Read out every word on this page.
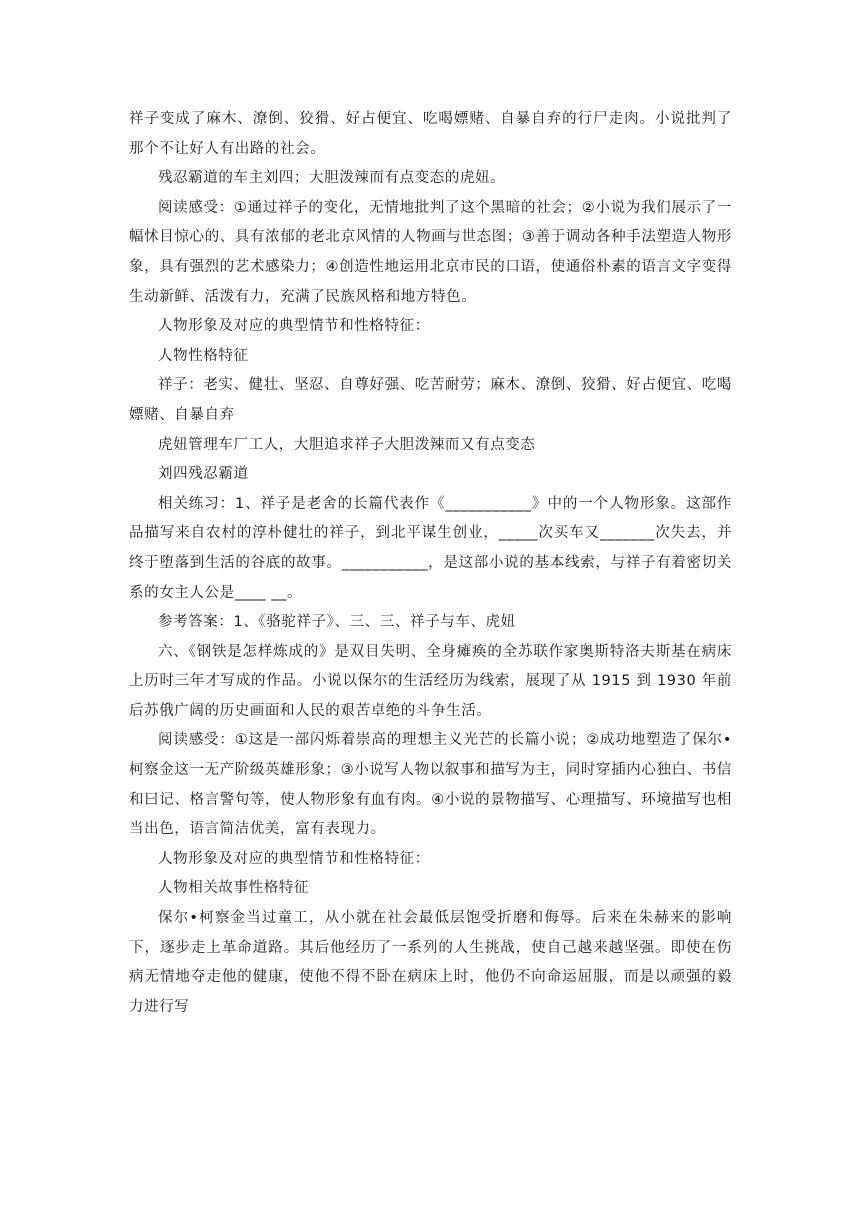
祥子变成了麻木、潦倒、狡猾、好占便宜、吃喝嫖赌、自暴自弃的行尸走肉。小说批判了那个不让好人有出路的社会。

残忍霸道的车主刘四；大胆泼辣而有点变态的虎妞。

阅读感受：①通过祥子的变化，无情地批判了这个黑暗的社会；②小说为我们展示了一幅怵目惊心的、具有浓郁的老北京风情的人物画与世态图；③善于调动各种手法塑造人物形象，具有强烈的艺术感染力；④创造性地运用北京市民的口语，使通俗朴素的语言文字变得生动新鲜、活泼有力，充满了民族风格和地方特色。

人物形象及对应的典型情节和性格特征：

人物性格特征

祥子：老实、健壮、坚忍、自尊好强、吃苦耐劳；麻木、潦倒、狡猾、好占便宜、吃喝嫖赌、自暴自弃

虎妞管理车厂工人，大胆追求祥子大胆泼辣而又有点变态

刘四残忍霸道

相关练习：1、祥子是老舍的长篇代表作《___________》中的一个人物形象。这部作品描写来自农村的淳朴健壮的祥子，到北平谋生创业，_____次买车又_______次失去，并终于堕落到生活的谷底的故事。___________，是这部小说的基本线索，与祥子有着密切关系的女主人公是____ __。

参考答案：1、《骆驼祥子》、三、三、祥子与车、虎妞

六、《钢铁是怎样炼成的》是双目失明、全身瘫痪的全苏联作家奥斯特洛夫斯基在病床上历时三年才写成的作品。小说以保尔的生活经历为线索，展现了从 1915 到 1930 年前后苏俄广阔的历史画面和人民的艰苦卓绝的斗争生活。

阅读感受：①这是一部闪烁着崇高的理想主义光芒的长篇小说；②成功地塑造了保尔•柯察金这一无产阶级英雄形象；③小说写人物以叙事和描写为主，同时穿插内心独白、书信和曰记、格言警句等，使人物形象有血有肉。④小说的景物描写、心理描写、环境描写也相当出色，语言简洁优美，富有表现力。

人物形象及对应的典型情节和性格特征：

人物相关故事性格特征

保尔•柯察金当过童工，从小就在社会最低层饱受折磨和侮辱。后来在朱赫来的影响下，逐步走上革命道路。其后他经历了一系列的人生挑战，使自己越来越坚强。即使在伤病无情地夺走他的健康，使他不得不卧在病床上时，他仍不向命运屈服，而是以顽强的毅力进行写
